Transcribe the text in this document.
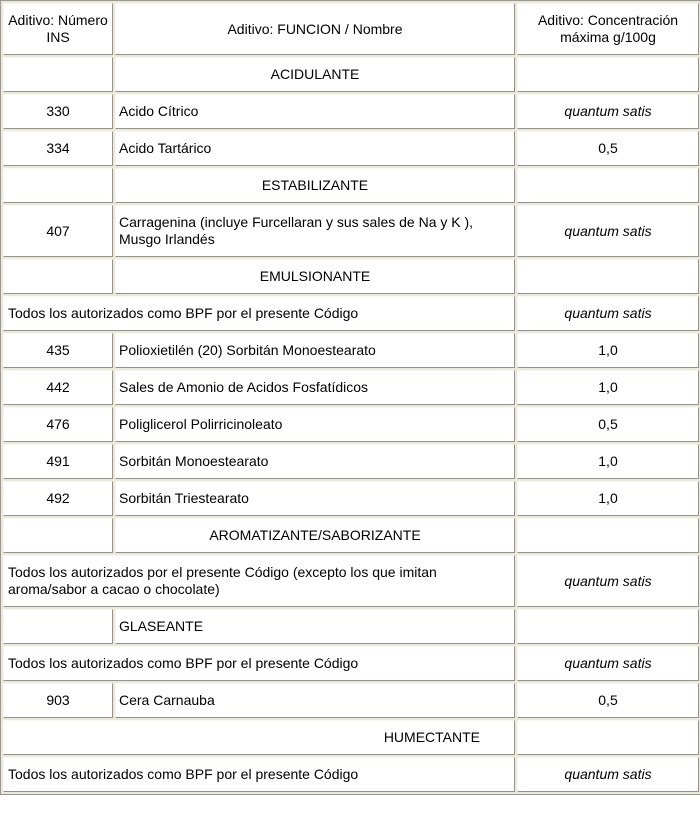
Aditivo: Número INS	Aditivo: FUNCION / Nombre	Aditivo: Concentración máxima g/100g
	ACIDULANTE	
330	Acido Cítrico	quantum satis
334	Acido Tartárico	0,5
	ESTABILIZANTE	
407	Carragenina (incluye Furcellaran y sus sales de Na y K ), Musgo Irlandés	quantum satis
	EMULSIONANTE	
Todos los autorizados como BPF por el presente Código		quantum satis
435	Polioxietilén (20) Sorbitán Monoestearato	1,0
442	Sales de Amonio de Acidos Fosfatídicos	1,0
476	Poliglicerol Polirricinoleato	0,5
491	Sorbitán Monoestearato	1,0
492	Sorbitán Triestearato	1,0
	AROMATIZANTE/SABORIZANTE	
Todos los autorizados por el presente Código (excepto los que imitan aroma/sabor a cacao o chocolate)		quantum satis
	GLASEANTE	
Todos los autorizados como BPF por el presente Código		quantum satis
903	Cera Carnauba	0,5
HUMECTANTE		
Todos los autorizados como BPF por el presente Código		quantum satis
